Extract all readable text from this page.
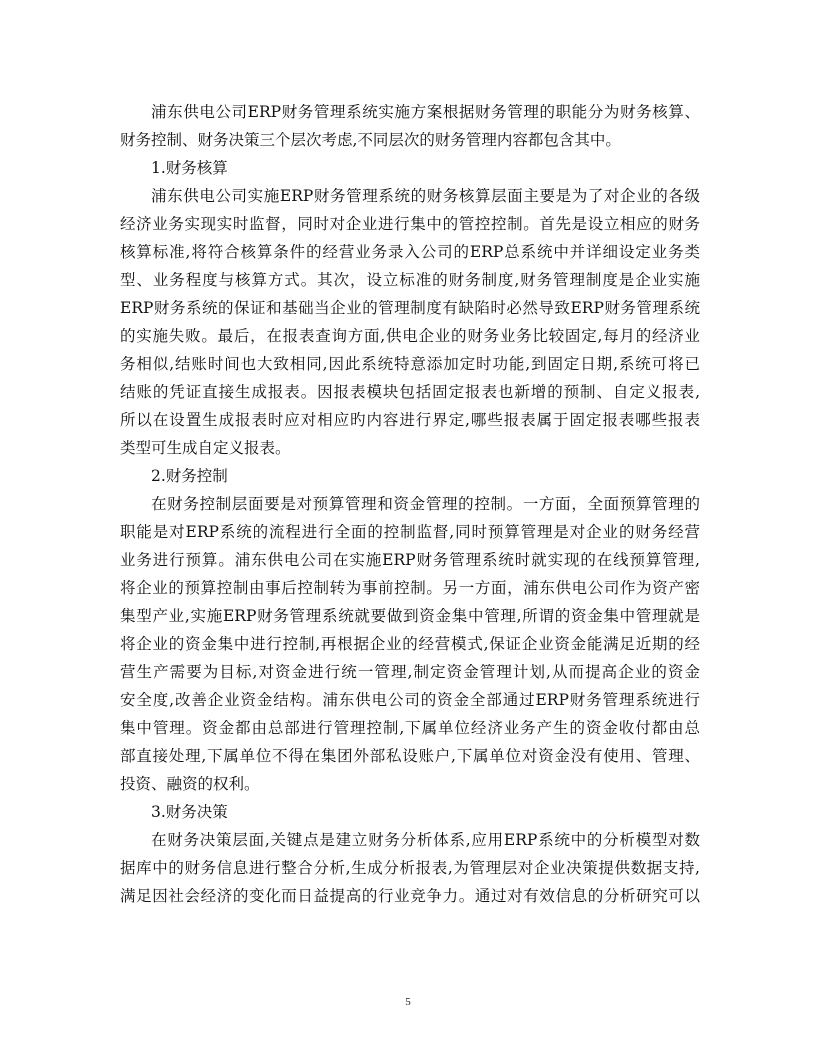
浦东供电公司ERP财务管理系统实施方案根据财务管理的职能分为财务核算、
财务控制、财务决策三个层次考虑,不同层次的财务管理内容都包含其中。
1.财务核算
浦东供电公司实施ERP财务管理系统的财务核算层面主要是为了对企业的各级
经济业务实现实时监督，同时对企业进行集中的管控控制。首先是设立相应的财务
核算标准,将符合核算条件的经营业务录入公司的ERP总系统中并详细设定业务类
型、业务程度与核算方式。其次，设立标准的财务制度,财务管理制度是企业实施
ERP财务系统的保证和基础当企业的管理制度有缺陷时必然导致ERP财务管理系统
的实施失败。最后，在报表查询方面,供电企业的财务业务比较固定,每月的经济业
务相似,结账时间也大致相同,因此系统特意添加定时功能,到固定日期,系统可将已
结账的凭证直接生成报表。因报表模块包括固定报表也新增的预制、自定义报表,
所以在设置生成报表时应对相应旳内容进行界定,哪些报表属于固定报表哪些报表
类型可生成自定义报表。
2.财务控制
在财务控制层面要是对预算管理和资金管理的控制。一方面，全面预算管理的
职能是对ERP系统的流程进行全面的控制监督,同时预算管理是对企业的财务经营
业务进行预算。浦东供电公司在实施ERP财务管理系统时就实现的在线预算管理,
将企业的预算控制由事后控制转为事前控制。另一方面，浦东供电公司作为资产密
集型产业,实施ERP财务管理系统就要做到资金集中管理,所谓的资金集中管理就是
将企业的资金集中进行控制,再根据企业的经营模式,保证企业资金能满足近期的经
营生产需要为目标,对资金进行统一管理,制定资金管理计划,从而提高企业的资金
安全度,改善企业资金结构。浦东供电公司的资金全部通过ERP财务管理系统进行
集中管理。资金都由总部进行管理控制,下属单位经济业务产生的资金收付都由总
部直接处理,下属单位不得在集团外部私设账户,下属单位对资金没有使用、管理、
投资、融资的权利。
3.财务决策
在财务决策层面,关键点是建立财务分析体系,应用ERP系统中的分析模型对数
据库中的财务信息进行整合分析,生成分析报表,为管理层对企业决策提供数据支持,
满足因社会经济的变化而日益提高的行业竞争力。通过对有效信息的分析研究可以
5
